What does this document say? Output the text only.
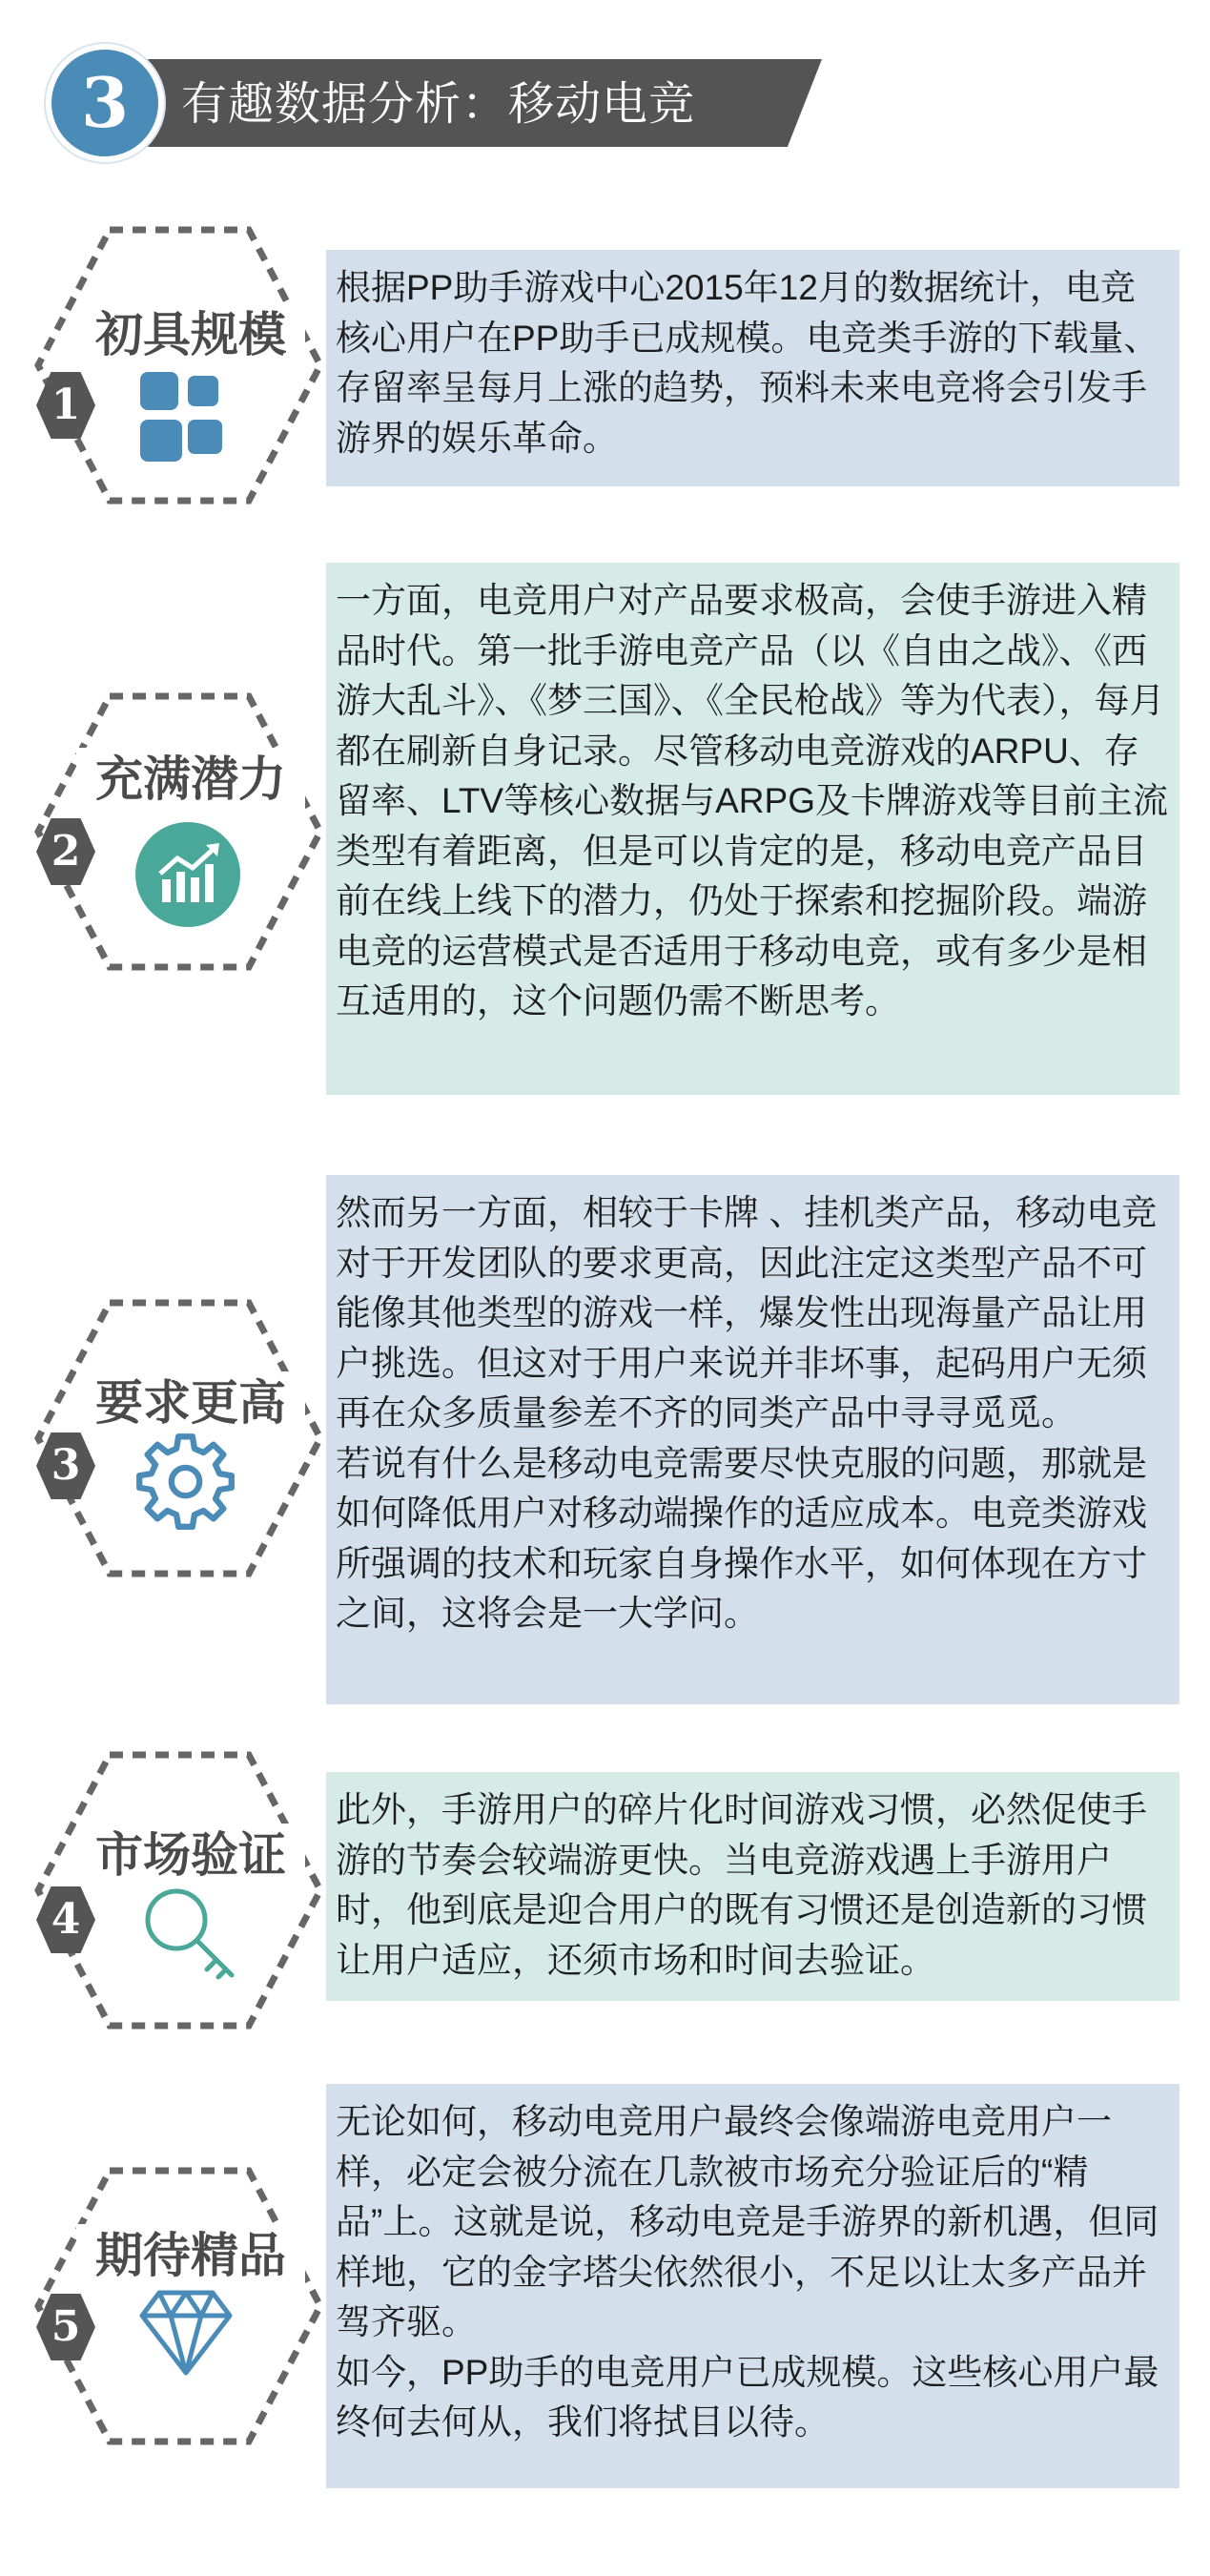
有趣数据分析：移动电竞
3
初具规模
1

根据PP助手游戏中心2015年12月的数据统计，电竞核心用户在PP助手已成规模。电竞类手游的下载量、存留率呈每月上涨的趋势，预料未来电竞将会引发手游界的娱乐革命。

充满潜力
2

一方面，电竞用户对产品要求极高，会使手游进入精品时代。第一批手游电竞产品（以《自由之战》、《西游大乱斗》、《梦三国》、《全民枪战》等为代表），每月都在刷新自身记录。尽管移动电竞游戏的ARPU、存留率、LTV等核心数据与ARPG及卡牌游戏等目前主流类型有着距离，但是可以肯定的是，移动电竞产品目前在线上线下的潜力，仍处于探索和挖掘阶段。端游电竞的运营模式是否适用于移动电竞，或有多少是相互适用的，这个问题仍需不断思考。

要求更高
3

然而另一方面，相较于卡牌 、挂机类产品，移动电竞对于开发团队的要求更高，因此注定这类型产品不可能像其他类型的游戏一样，爆发性出现海量产品让用户挑选。但这对于用户来说并非坏事，起码用户无须再在众多质量参差不齐的同类产品中寻寻觅觅。

若说有什么是移动电竞需要尽快克服的问题，那就是如何降低用户对移动端操作的适应成本。电竞类游戏所强调的技术和玩家自身操作水平，如何体现在方寸之间，这将会是一大学问。

市场验证
4

此外，手游用户的碎片化时间游戏习惯，必然促使手游的节奏会较端游更快。当电竞游戏遇上手游用户时，他到底是迎合用户的既有习惯还是创造新的习惯让用户适应，还须市场和时间去验证。

期待精品
5

无论如何，移动电竞用户最终会像端游电竞用户一样，必定会被分流在几款被市场充分验证后的“精品”上。这就是说，移动电竞是手游界的新机遇，但同样地，它的金字塔尖依然很小，不足以让太多产品并驾齐驱。

如今，PP助手的电竞用户已成规模。这些核心用户最终何去何从，我们将拭目以待。
